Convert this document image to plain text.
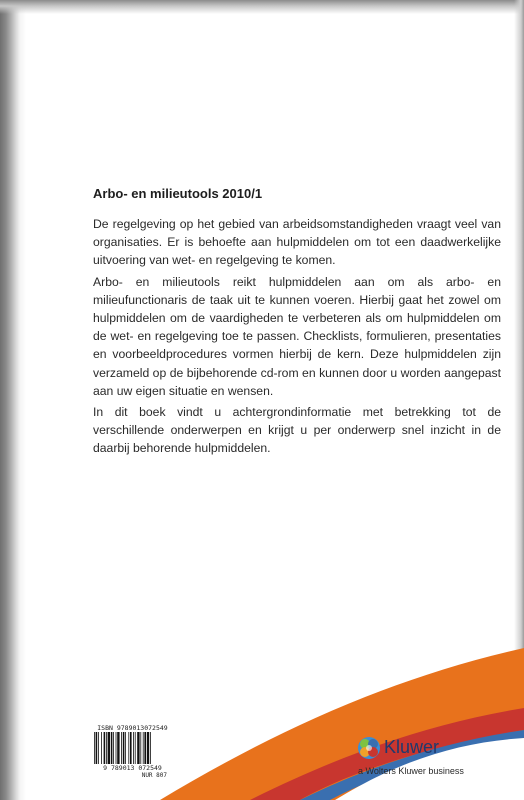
Arbo- en milieutools 2010/1

De regelgeving op het gebied van arbeidsomstandigheden vraagt veel van organisaties. Er is behoefte aan hulpmiddelen om tot een daadwerkelijke uitvoering van wet- en regelgeving te komen.

Arbo- en milieutools reikt hulpmiddelen aan om als arbo- en milieufunctionaris de taak uit te kunnen voeren. Hierbij gaat het zowel om hulpmiddelen om de vaardigheden te verbeteren als om hulpmiddelen om de wet- en regelgeving toe te passen. Checklists, formulieren, presentaties en voorbeeldprocedures vormen hierbij de kern. Deze hulpmiddelen zijn verzameld op de bijbehorende cd-rom en kunnen door u worden aangepast aan uw eigen situatie en wensen.

In dit boek vindt u achtergrondinformatie met betrekking tot de verschillende onderwerpen en krijgt u per onderwerp snel inzicht in de daarbij behorende hulpmiddelen.

ISBN 9789013072549
9 789013 072549
NUR 807
Kluwer
a Wolters Kluwer business
